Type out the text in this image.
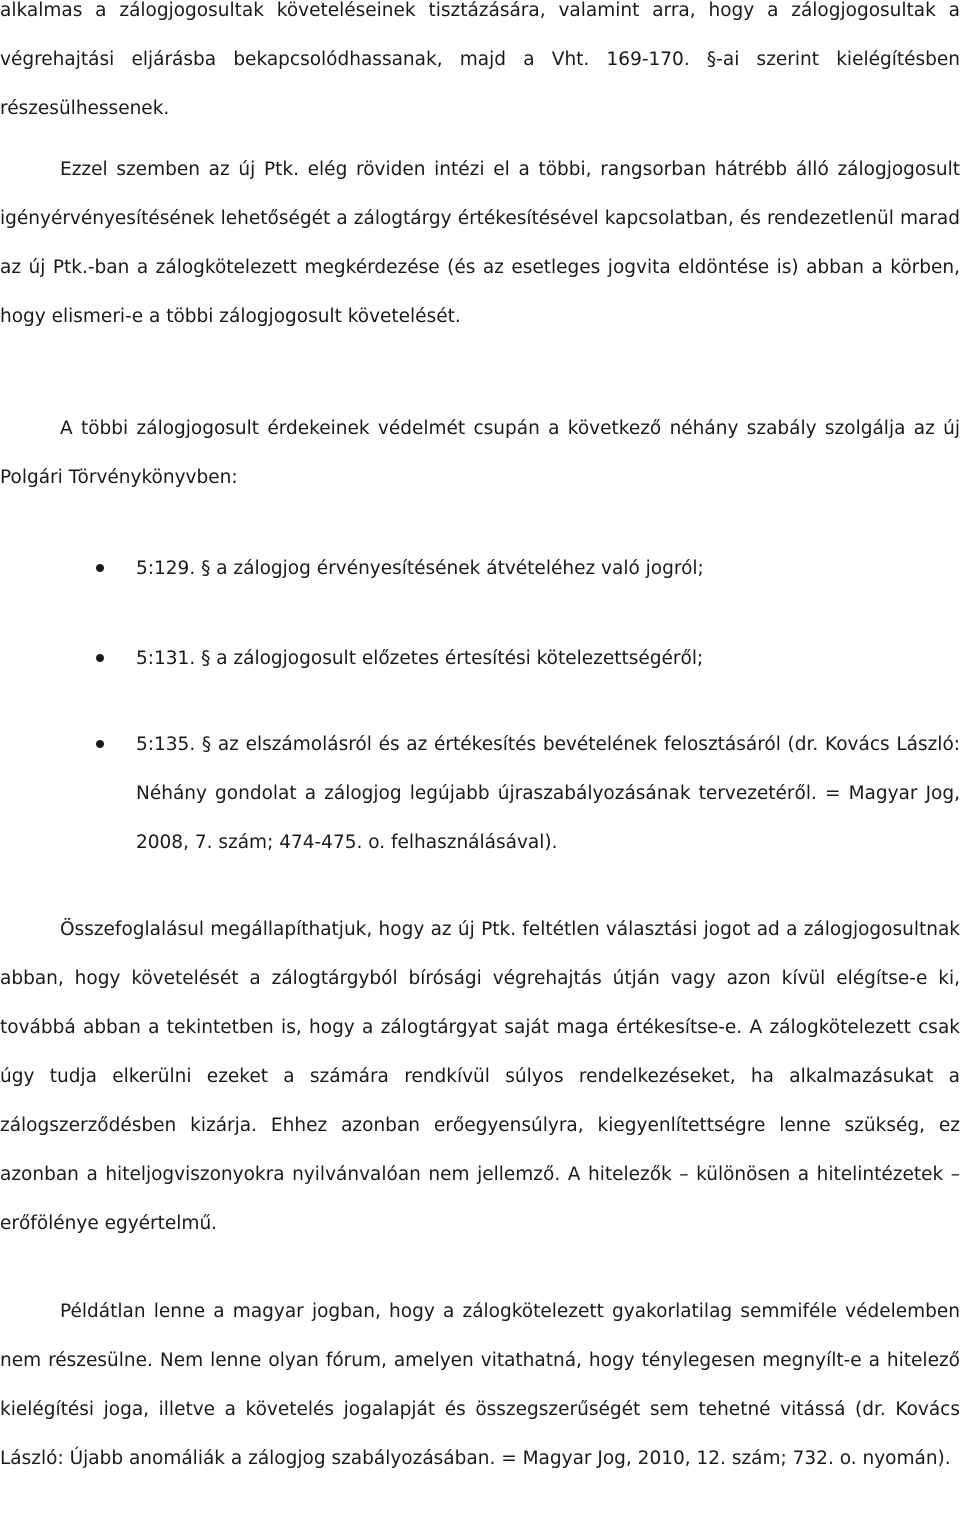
alkalmas a zálogjogosultak követeléseinek tisztázására, valamint arra, hogy a zálogjogosultak a végrehajtási eljárásba bekapcsolódhassanak, majd a Vht. 169-170. §-ai szerint kielégítésben részesülhessenek.

Ezzel szemben az új Ptk. elég röviden intézi el a többi, rangsorban hátrébb álló zálogjogosult igényérvényesítésének lehetőségét a zálogtárgy értékesítésével kapcsolatban, és rendezetlenül marad az új Ptk.-ban a zálogkötelezett megkérdezése (és az esetleges jogvita eldöntése is) abban a körben, hogy elismeri-e a többi zálogjogosult követelését.

A többi zálogjogosult érdekeinek védelmét csupán a következő néhány szabály szolgálja az új Polgári Törvénykönyvben:

5:129. § a zálogjog érvényesítésének átvételéhez való jogról;

5:131. § a zálogjogosult előzetes értesítési kötelezettségéről;

5:135. § az elszámolásról és az értékesítés bevételének felosztásáról (dr. Kovács László: Néhány gondolat a zálogjog legújabb újraszabályozásának tervezetéről. = Magyar Jog, 2008, 7. szám; 474-475. o. felhasználásával).

Összefoglalásul megállapíthatjuk, hogy az új Ptk. feltétlen választási jogot ad a zálogjogosultnak abban, hogy követelését a zálogtárgyból bírósági végrehajtás útján vagy azon kívül elégítse-e ki, továbbá abban a tekintetben is, hogy a zálogtárgyat saját maga értékesítse-e. A zálogkötelezett csak úgy tudja elkerülni ezeket a számára rendkívül súlyos rendelkezéseket, ha alkalmazásukat a zálogszerződésben kizárja. Ehhez azonban erőegyensúlyra, kiegyenlítettségre lenne szükség, ez azonban a hiteljogviszonyokra nyilvánvalóan nem jellemző. A hitelezők – különösen a hitelintézetek – erőfölénye egyértelmű.

Példátlan lenne a magyar jogban, hogy a zálogkötelezett gyakorlatilag semmiféle védelemben nem részesülne. Nem lenne olyan fórum, amelyen vitathatná, hogy ténylegesen megnyílt-e a hitelező kielégítési joga, illetve a követelés jogalapját és összegszerűségét sem tehetné vitássá (dr. Kovács László: Újabb anomáliák a zálogjog szabályozásában. = Magyar Jog, 2010, 12. szám; 732. o. nyomán).
